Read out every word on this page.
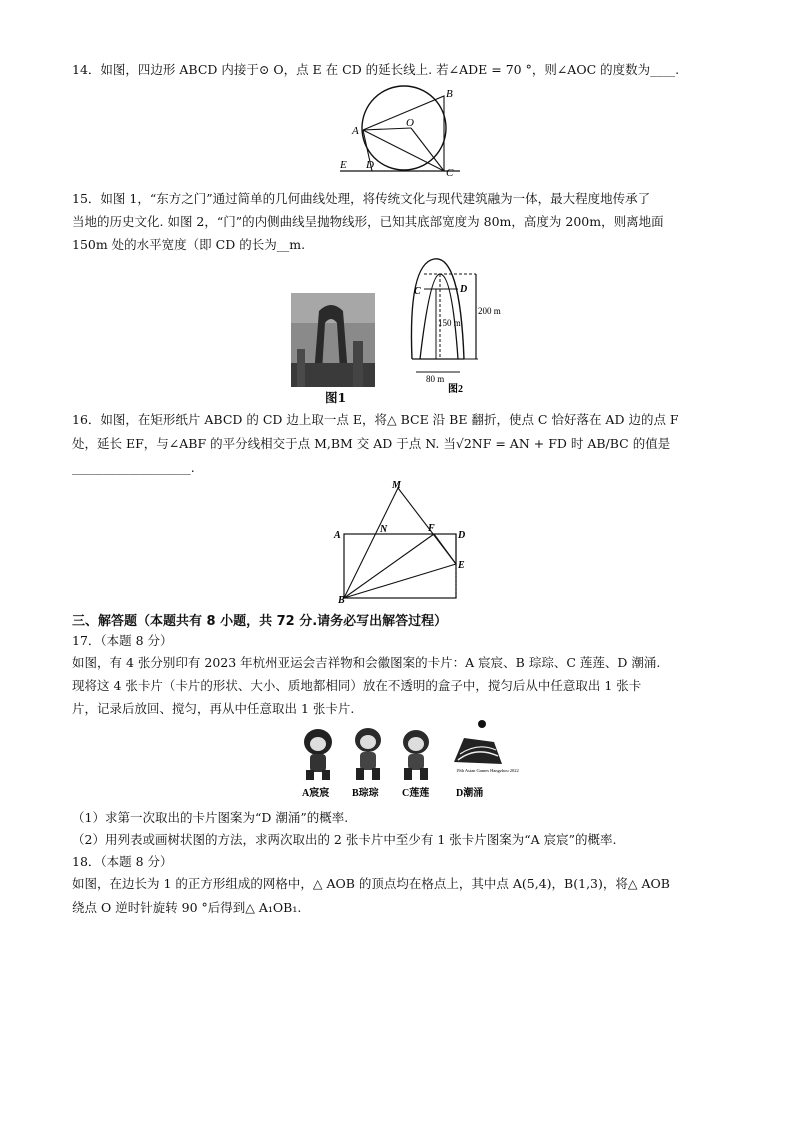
14．如图，四边形 ABCD 内接于⊙ O，点 E 在 CD 的延长线上. 若∠ADE = 70 °，则∠AOC 的度数为____.
A
B
O
E D
C
15．如图 1，“东方之门”通过简单的几何曲线处理，将传统文化与现代建筑融为一体，最大程度地传承了
当地的历史文化. 如图 2，“门”的内侧曲线呈抛物线形，已知其底部宽度为 80m，高度为 200m，则离地面
150m 处的水平宽度（即 CD 的长为__m.
图1
C	D
200 m
150 m
80 m
图2
16．如图，在矩形纸片 ABCD 的 CD 边上取一点 E，将△ BCE 沿 BE 翻折，使点 C 恰好落在 AD 边的点 F
处，延长 EF，与∠ABF 的平分线相交于点 M,BM 交 AD 于点 N. 当√2NF = AN + FD 时 AB/BC 的值是
___________________.
M
A
N	F
D
E
B
三、解答题（本题共有 8 小题，共 72 分.请务必写出解答过程）
17．（本题 8 分）
如图，有 4 张分别印有 2023 年杭州亚运会吉祥物和会徽图案的卡片：A 宸宸、B 琮琮、C 莲莲、D 潮涌.
现将这 4 张卡片（卡片的形状、大小、质地都相同）放在不透明的盒子中，搅匀后从中任意取出 1 张卡
片，记录后放回、搅匀，再从中任意取出 1 张卡片.
19th Asian Games Hangzhou 2022
A宸宸 B琮琮 C莲莲	D潮涌
（1）求第一次取出的卡片图案为“D 潮涌”的概率.
（2）用列表或画树状图的方法，求两次取出的 2 张卡片中至少有 1 张卡片图案为“A 宸宸”的概率.
18．（本题 8 分）
如图，在边长为 1 的正方形组成的网格中，△ AOB 的顶点均在格点上，其中点 A(5,4)，B(1,3)，将△ AOB
绕点 O 逆时针旋转 90 °后得到△ A₁OB₁.
